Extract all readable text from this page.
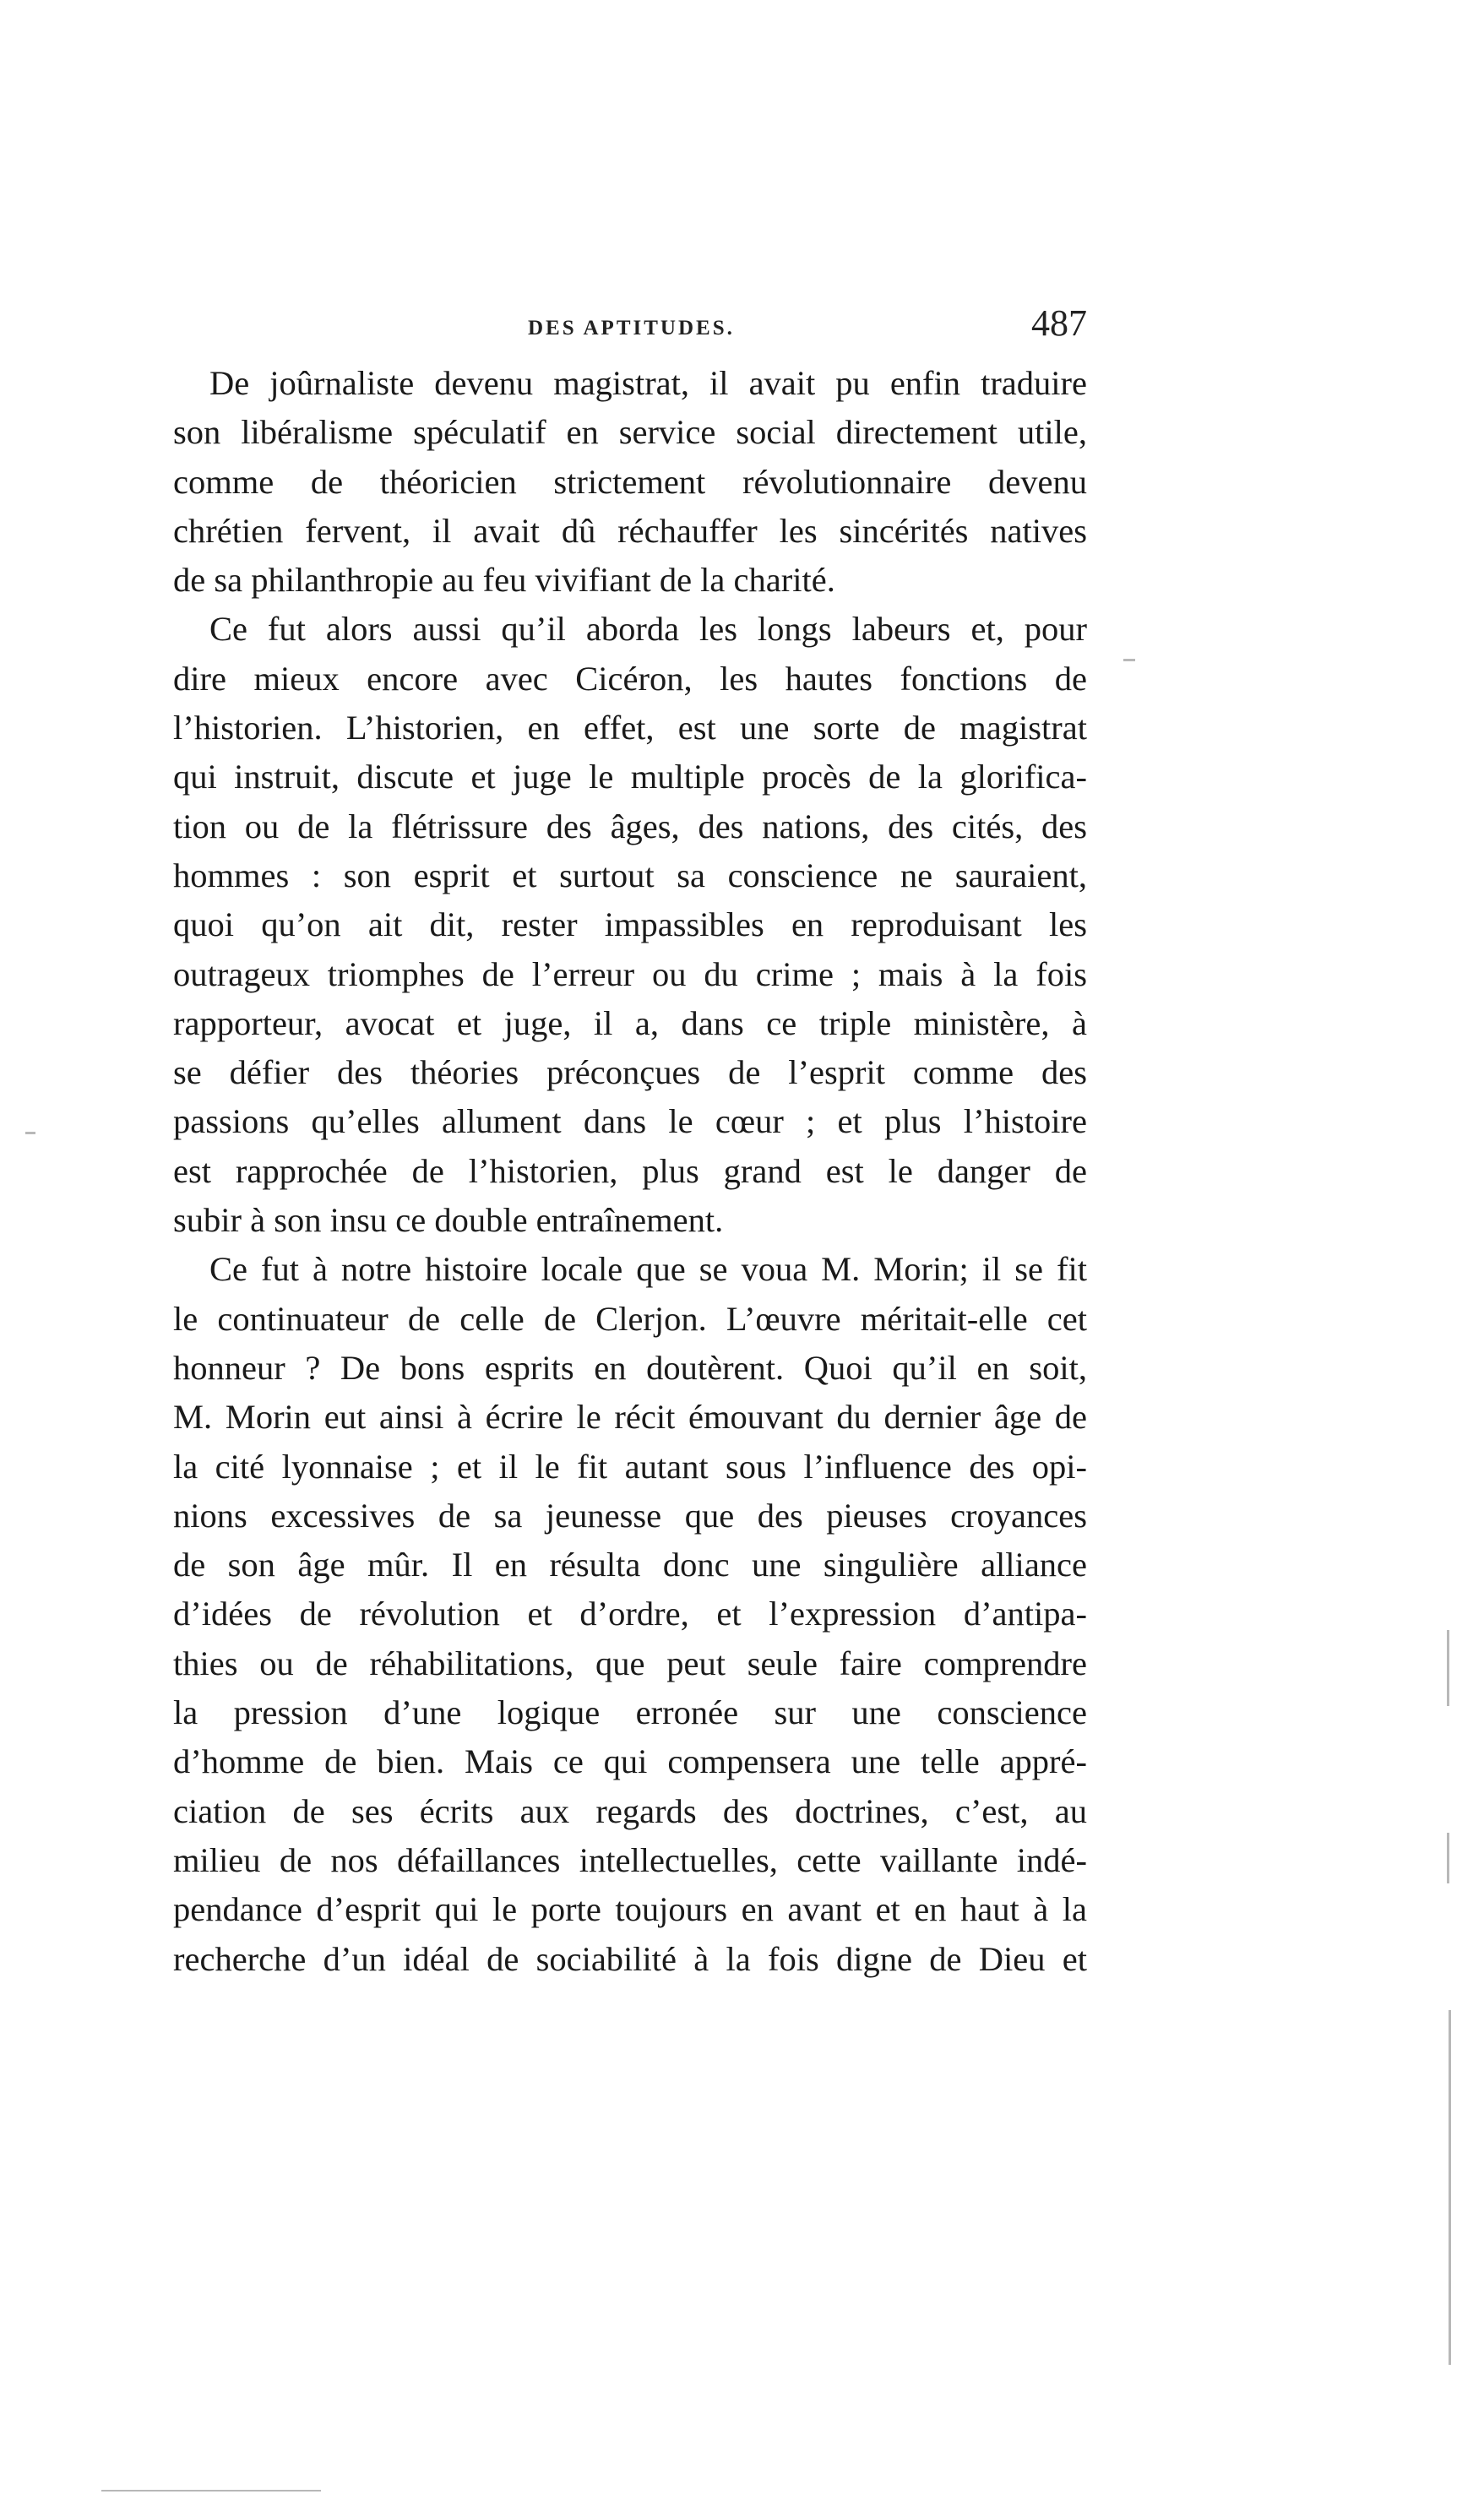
DES APTITUDES.	487
De joûrnaliste devenu magistrat, il avait pu enfin traduire
son libéralisme spéculatif en service social directement utile,
comme de théoricien strictement révolutionnaire devenu
chrétien fervent, il avait dû réchauffer les sincérités natives
de sa philanthropie au feu vivifiant de la charité.
Ce fut alors aussi qu’il aborda les longs labeurs et, pour
dire mieux encore avec Cicéron, les hautes fonctions de
l’historien. L’historien, en effet, est une sorte de magistrat
qui instruit, discute et juge le multiple procès de la glorifica-
tion ou de la flétrissure des âges, des nations, des cités, des
hommes : son esprit et surtout sa conscience ne sauraient,
quoi qu’on ait dit, rester impassibles en reproduisant les
outrageux triomphes de l’erreur ou du crime ; mais à la fois
rapporteur, avocat et juge, il a, dans ce triple ministère, à
se défier des théories préconçues de l’esprit comme des
passions qu’elles allument dans le cœur ; et plus l’histoire
est rapprochée de l’historien, plus grand est le danger de
subir à son insu ce double entraînement.
Ce fut à notre histoire locale que se voua M. Morin; il se fit
le continuateur de celle de Clerjon. L’œuvre méritait-elle cet
honneur ? De bons esprits en doutèrent. Quoi qu’il en soit,
M. Morin eut ainsi à écrire le récit émouvant du dernier âge de
la cité lyonnaise ; et il le fit autant sous l’influence des opi-
nions excessives de sa jeunesse que des pieuses croyances
de son âge mûr. Il en résulta donc une singulière alliance
d’idées de révolution et d’ordre, et l’expression d’antipa-
thies ou de réhabilitations, que peut seule faire comprendre
la pression d’une logique erronée sur une conscience
d’homme de bien. Mais ce qui compensera une telle appré-
ciation de ses écrits aux regards des doctrines, c’est, au
milieu de nos défaillances intellectuelles, cette vaillante indé-
pendance d’esprit qui le porte toujours en avant et en haut à la
recherche d’un idéal de sociabilité à la fois digne de Dieu et
